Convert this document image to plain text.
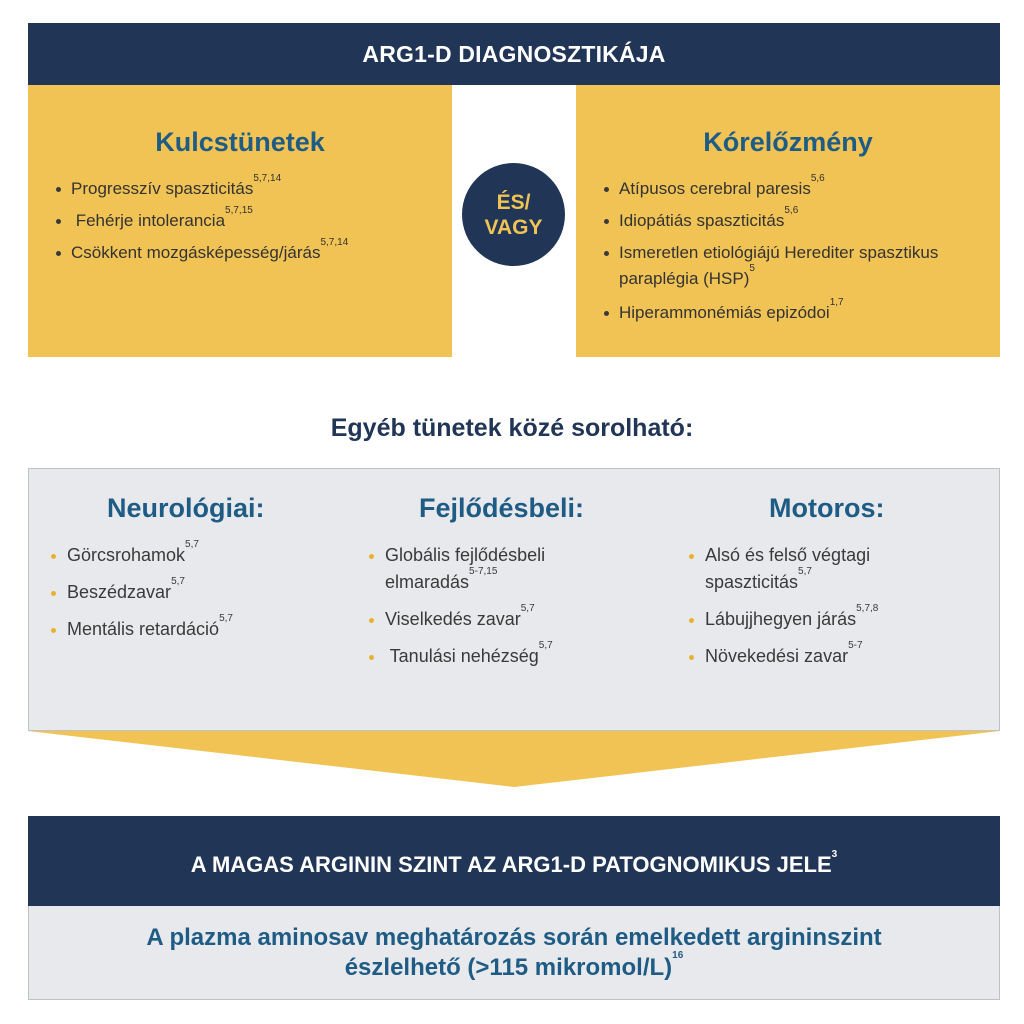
ARG1-D DIAGNOSZTIKÁJA
Kulcstünetek
Progresszív spaszticitás$^{5,7,14}$
Fehérje intolerancia$^{5,7,15}$
Csökkent mozgásképesség/járás$^{5,7,14}$
ÉS/
VAGY
Kórelőzmény
Atípusos cerebral paresis$^{5,6}$
Idiopátiás spaszticitás$^{5,6}$
Ismeretlen etiológiájú Herediter spasztikus paraplégia (HSP)$^5$
Hiperammonémiás epizódoi$^{1,7}$
Egyéb tünetek közé sorolható:
Neurológiai:
Görcsrohamok$^{5,7}$
Beszédzavar$^{5,7}$
Mentális retardáció$^{5,7}$
Fejlődésbeli:
Globális fejlődésbeli elmaradás$^{5-7,15}$
Viselkedés zavar$^{5,7}$
Tanulási nehézség$^{5,7}$
Motoros:
Alsó és felső végtagi spaszticitás$^{5,7}$
Lábujjhegyen járás$^{5,7,8}$
Növekedési zavar$^{5-7}$
A MAGAS ARGININ SZINT AZ ARG1-D PATOGNOMIKUS JELE$^3$
A plazma aminosav meghatározás során emelkedett argininszint
észlelhető (>115 mikromol/L)$^{16}$
